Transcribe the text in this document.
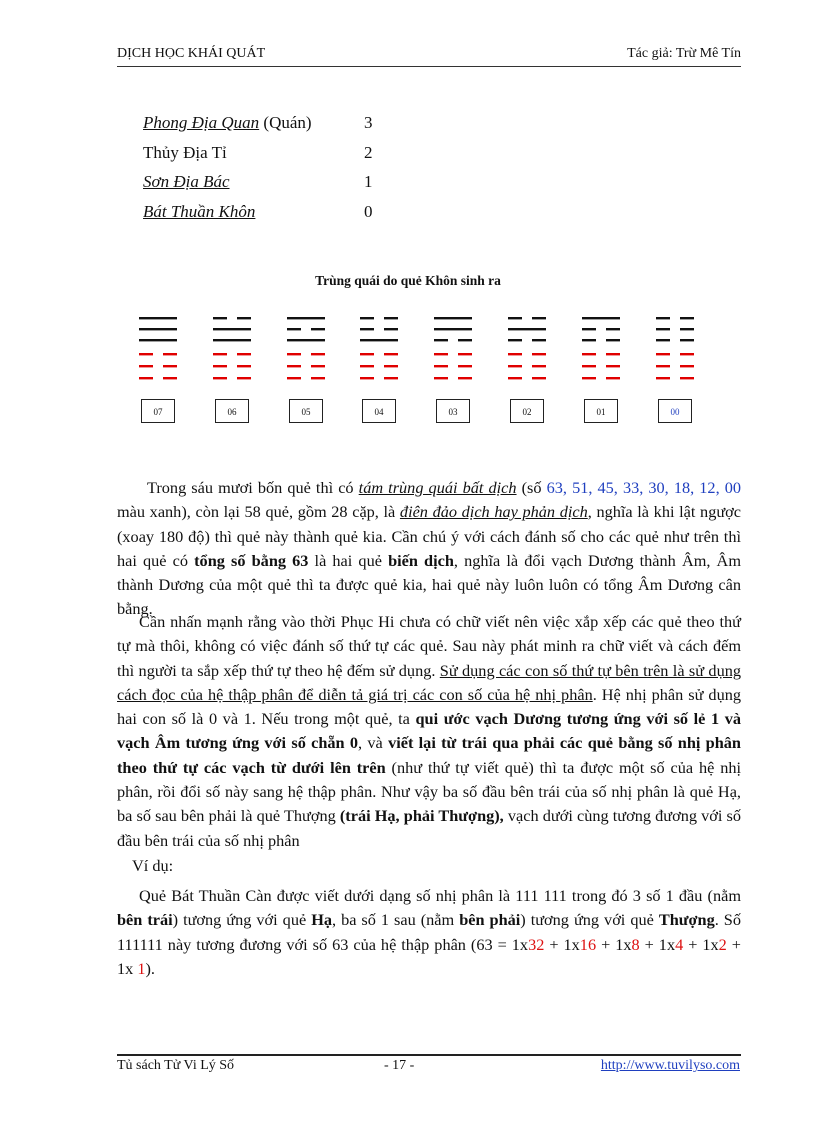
DỊCH HỌC KHÁI QUÁT	Tác giả: Trừ Mê Tín
Phong Địa Quan (Quán)	3
Thủy Địa Tỉ	2
Sơn Địa Bác	1
Bát Thuần Khôn	0
Trùng quái do quẻ Khôn sinh ra
07	06	05	04	03	02	01	00

Trong sáu mươi bốn quẻ thì có tám trùng quái bất dịch (số 63, 51, 45, 33, 30, 18, 12, 00 màu xanh), còn lại 58 quẻ, gồm 28 cặp, là điên đảo dịch hay phản dịch, nghĩa là khi lật ngược (xoay 180 độ) thì quẻ này thành quẻ kia. Cần chú ý với cách đánh số cho các quẻ như trên thì hai quẻ có tổng số bằng 63 là hai quẻ biến dịch, nghĩa là đổi vạch Dương thành Âm, Âm thành Dương của một quẻ thì ta được quẻ kia, hai quẻ này luôn luôn có tổng Âm Dương cân bằng.

Cần nhấn mạnh rằng vào thời Phục Hi chưa có chữ viết nên việc xắp xếp các quẻ theo thứ tự mà thôi, không có việc đánh số thứ tự các quẻ. Sau này phát minh ra chữ viết và cách đếm thì người ta sắp xếp thứ tự theo hệ đếm sử dụng. Sử dụng các con số thứ tự bên trên là sử dụng cách đọc của hệ thập phân để diễn tả giá trị các con số của hệ nhị phân. Hệ nhị phân sử dụng hai con số là 0 và 1. Nếu trong một quẻ, ta qui ước vạch Dương tương ứng với số lẻ 1 và vạch Âm tương ứng với số chẵn 0, và viết lại từ trái qua phải các quẻ bằng số nhị phân theo thứ tự các vạch từ dưới lên trên (như thứ tự viết quẻ) thì ta được một số của hệ nhị phân, rồi đổi số này sang hệ thập phân. Như vậy ba số đầu bên trái của số nhị phân là quẻ Hạ, ba số sau bên phải là quẻ Thượng (trái Hạ, phải Thượng), vạch dưới cùng tương đương với số đầu bên trái của số nhị phân

Ví dụ:

Quẻ Bát Thuần Càn được viết dưới dạng số nhị phân là 111 111 trong đó 3 số 1 đầu (nằm bên trái) tương ứng với quẻ Hạ, ba số 1 sau (nằm bên phải) tương ứng với quẻ Thượng. Số 111111 này tương đương với số 63 của hệ thập phân (63 = 1x32 + 1x16 + 1x8 + 1x4 + 1x2 + 1x 1).

Tủ sách Tử Vi Lý Số	- 17 -	http://www.tuvilyso.com
